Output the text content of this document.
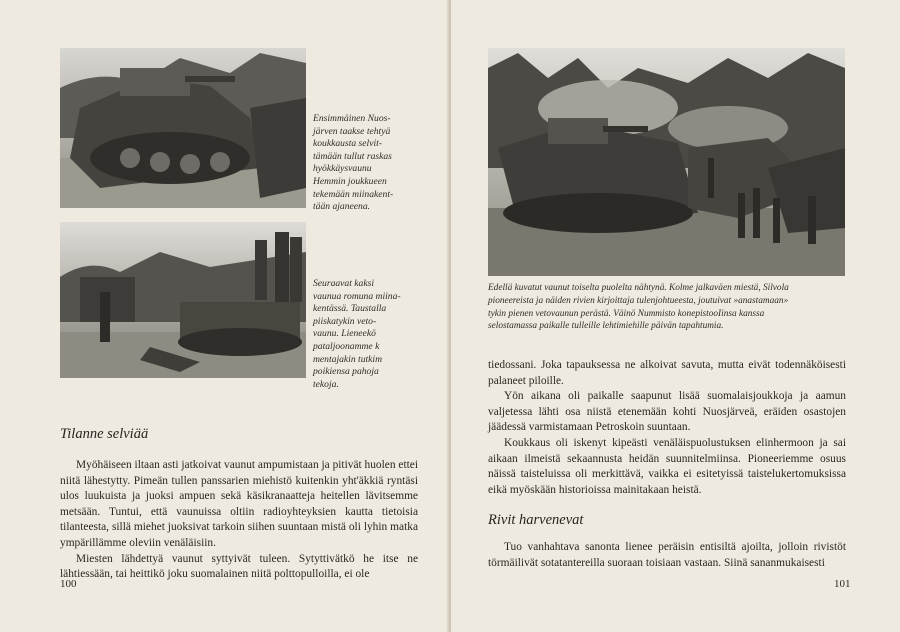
Ensimmäinen Nuos-
järven taakse tehtyä
koukkausta selvit-
tämään tullut raskas
hyökkäysvaunu
Hemmin joukkueen
tekemään miinakent-
tään ajaneena.
Seuraavat kaksi
vaunua romuna miina-
kentässä. Taustalla
piiskatykin veto-
vaunu. Lieneekö
pataljoonamme k
mentajakin tutkim
poikiensa pahoja
tekoja.
Tilanne selviää

Myöhäiseen iltaan asti jatkoivat vaunut ampumistaan ja pitivät huolen ettei niitä lähestytty. Pimeän tullen panssarien miehistö kuitenkin yht'äkkiä ryntäsi ulos luukuista ja juoksi ampuen sekä käsikranaatteja heitellen lävitsemme metsään. Tuntui, että vaunuissa oltiin radioyhteyksien kautta tietoisia tilanteesta, sillä miehet juoksivat tarkoin siihen suuntaan mistä oli lyhin matka ympärillämme oleviin venäläisiin.

Miesten lähdettyä vaunut syttyivät tuleen. Sytyttivätkö he itse ne lähtiessään, tai heittikö joku suomalainen niitä polttopulloilla, ei ole

100
Edellä kuvatut vaunut toiselta puolelta nähtynä. Kolme jalkaväen miestä, Silvola
pioneereista ja näiden rivien kirjoittaja tulenjohtueesta, joutuivat »anastamaan»
tykin pienen vetovaunun perästä. Väinö Nummisto konepistooIinsa kanssa
selostamassa paikalle tulleille lehtimiehille päivän tapahtumia.

tiedossani. Joka tapauksessa ne alkoivat savuta, mutta eivät todennäköisesti palaneet piloille.

Yön aikana oli paikalle saapunut lisää suomalaisjoukkoja ja aamun valjetessa lähti osa niistä etenemään kohti Nuosjärveä, eräiden osastojen jäädessä varmistamaan Petroskoin suuntaan.

Koukkaus oli iskenyt kipeästi venäläispuolustuksen elinhermoon ja sai aikaan ilmeistä sekaannusta heidän suunnitelmiinsa. Pioneeriemme osuus näissä taisteluissa oli merkittävä, vaikka ei esitetyissä taistelukertomuksissa eikä myöskään historioissa mainitakaan heistä.

Rivit harvenevat

Tuo vanhahtava sanonta lienee peräisin entisiltä ajoilta, jolloin rivistöt törmäilivät sotatantereilla suoraan toisiaan vastaan. Siinä sananmukaisesti

101
